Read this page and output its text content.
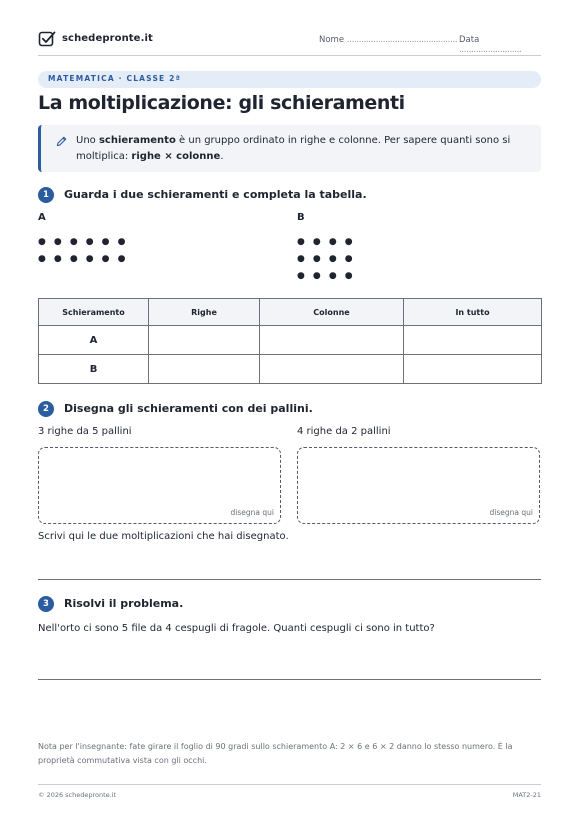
schedepronte.it	Nome .............................................. Data ..........................
MATEMATICA · CLASSE 2ª
La moltiplicazione: gli schieramenti
Uno schieramento è un gruppo ordinato in righe e colonne. Per sapere quanti sono si moltiplica: righe × colonne.
1	Guarda i due schieramenti e completa la tabella.
A
● ● ● ● ● ●
● ● ● ● ● ●
B
● ● ● ●
● ● ● ●
● ● ● ●
Schieramento	Righe	Colonne	In tutto
A			
B			
2	Disegna gli schieramenti con dei pallini.
3 righe da 5 pallini	4 righe da 2 pallini
disegna qui	disegna qui
Scrivi qui le due moltiplicazioni che hai disegnato.
3	Risolvi il problema.
Nell'orto ci sono 5 file da 4 cespugli di fragole. Quanti cespugli ci sono in tutto?
Nota per l'insegnante: fate girare il foglio di 90 gradi sullo schieramento A: 2 × 6 e 6 × 2 danno lo stesso numero. È la proprietà commutativa vista con gli occhi.
© 2026 schedepronte.it	MAT2-21
